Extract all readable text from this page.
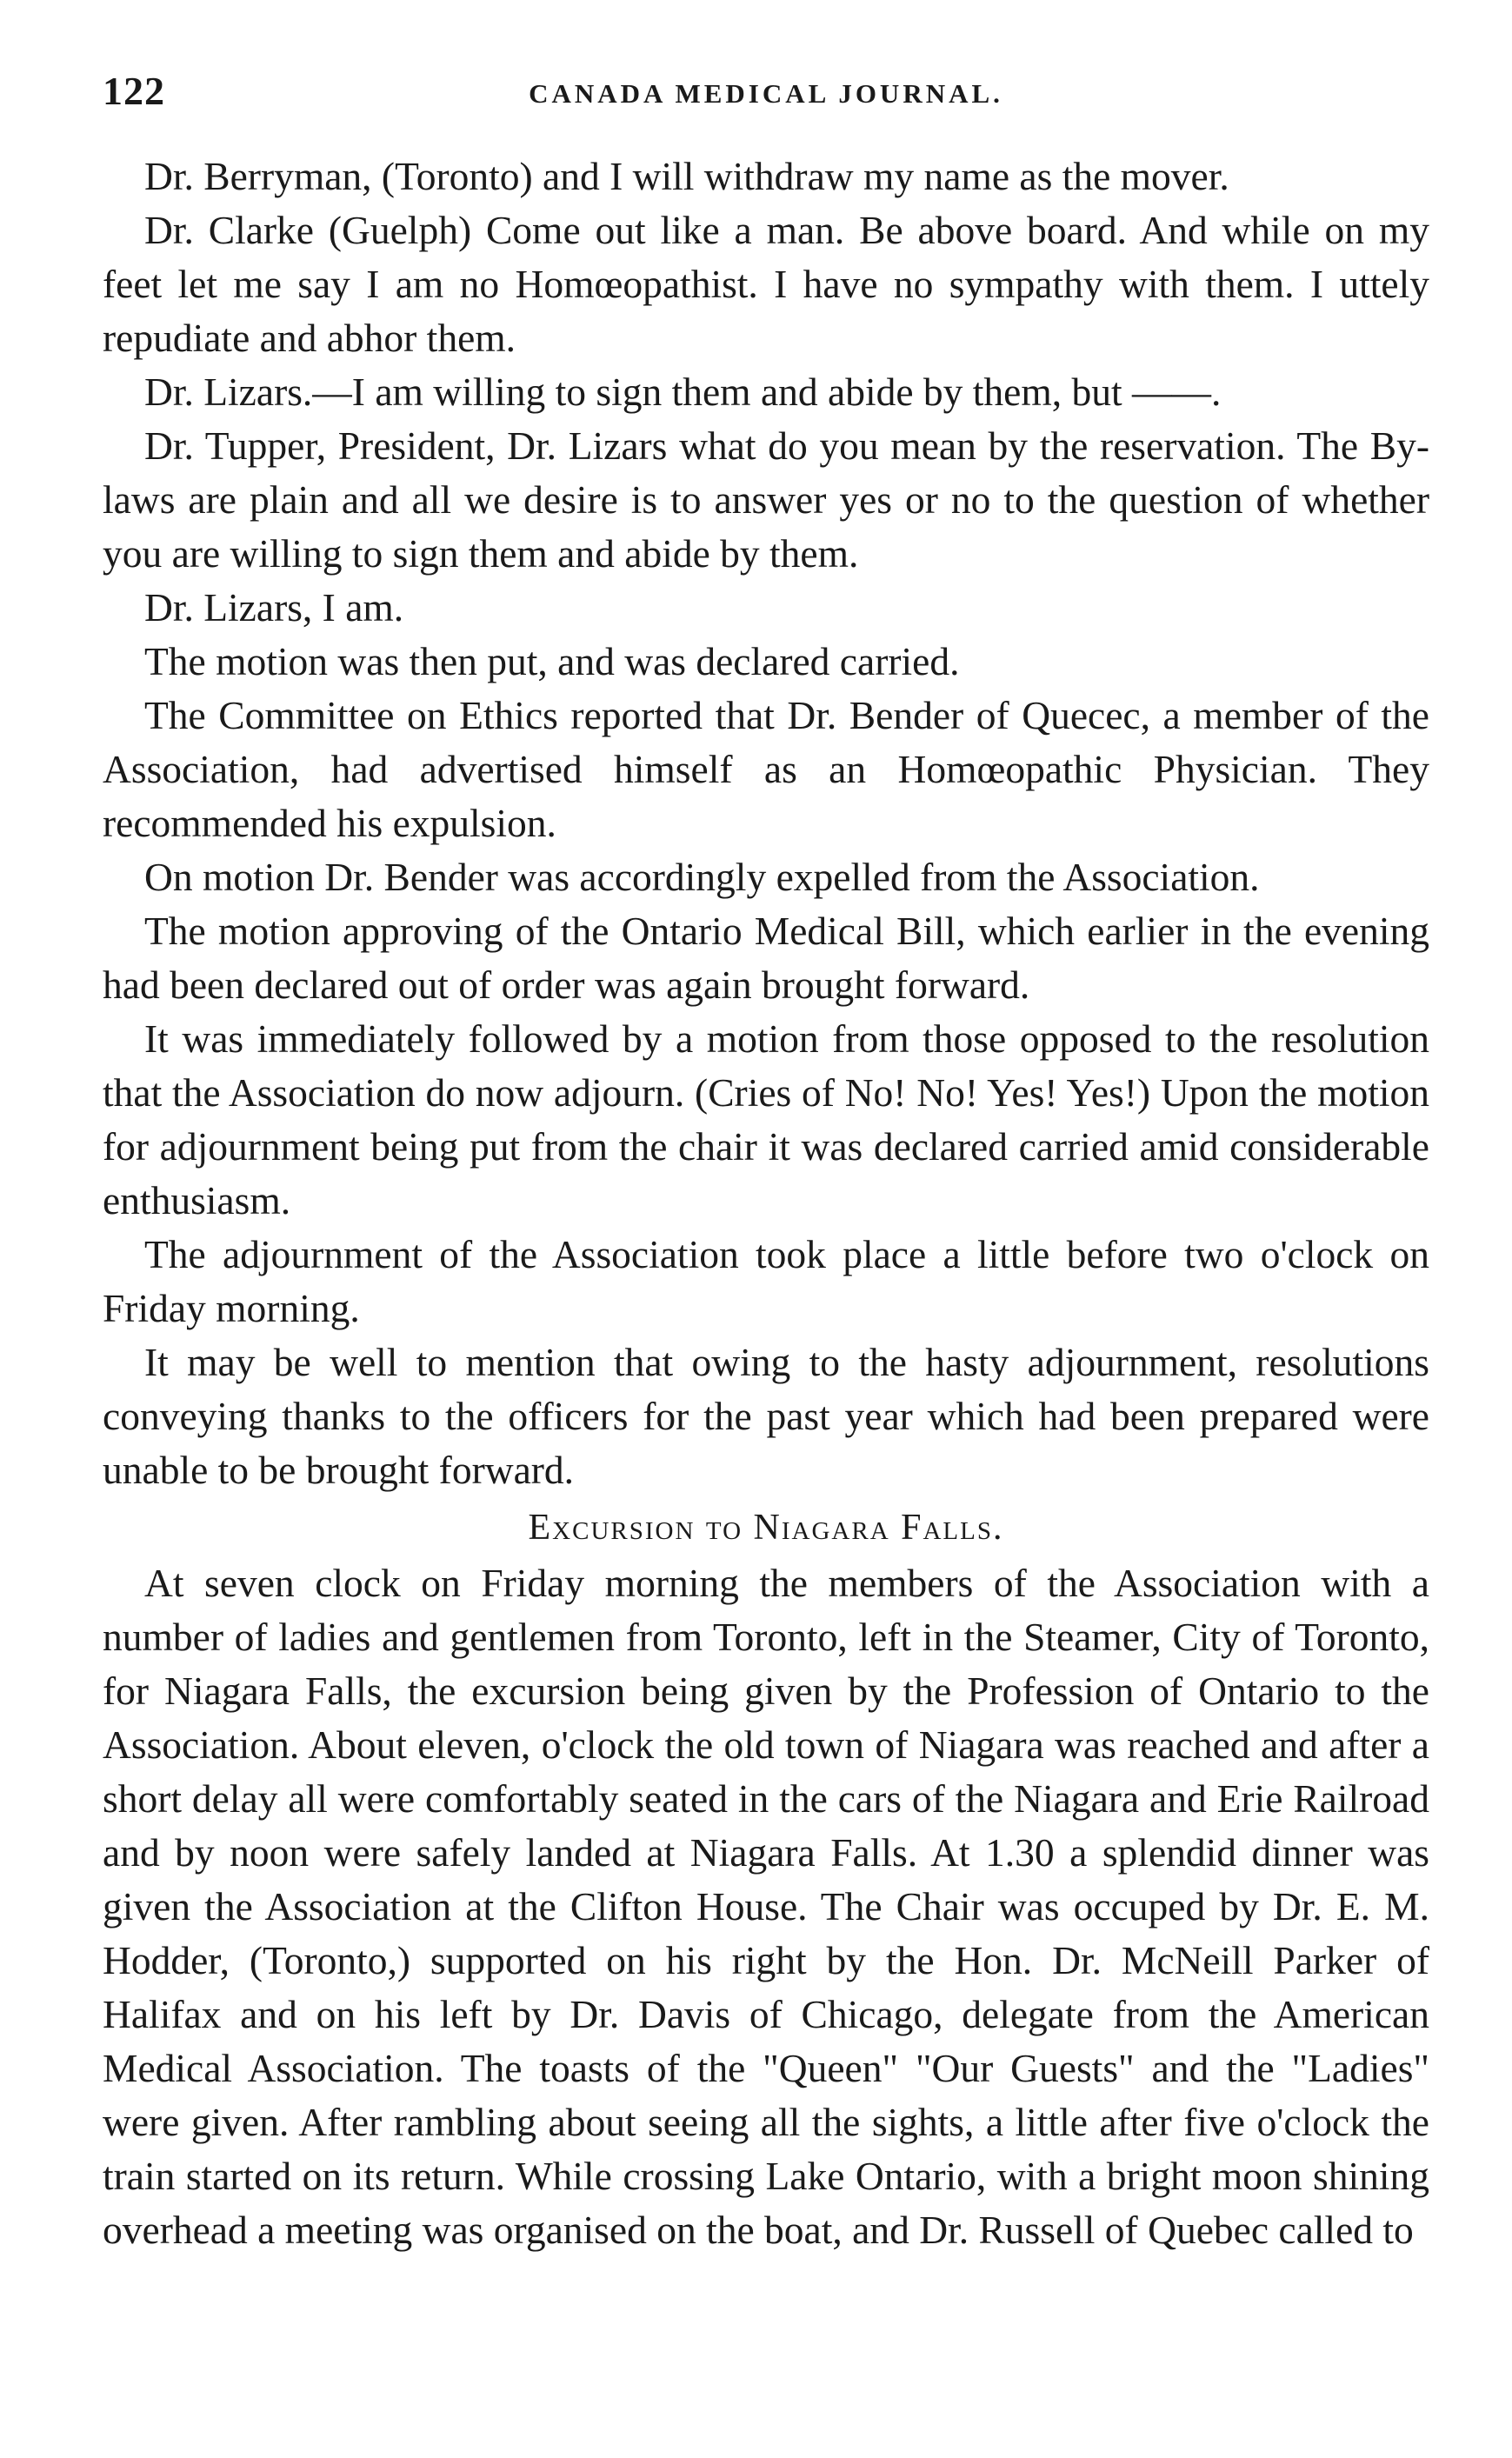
122	CANADA MEDICAL JOURNAL.

Dr. Berryman, (Toronto) and I will withdraw my name as the mover.

Dr. Clarke (Guelph) Come out like a man. Be above board. And while on my feet let me say I am no Homœopathist. I have no sympathy with them. I uttely repudiate and abhor them.

Dr. Lizars.—I am willing to sign them and abide by them, but ——.

Dr. Tupper, President, Dr. Lizars what do you mean by the reservation. The By-laws are plain and all we desire is to answer yes or no to the question of whether you are willing to sign them and abide by them.

Dr. Lizars, I am.

The motion was then put, and was declared carried.

The Committee on Ethics reported that Dr. Bender of Quecec, a member of the Association, had advertised himself as an Homœopathic Physician. They recommended his expulsion.

On motion Dr. Bender was accordingly expelled from the Association.

The motion approving of the Ontario Medical Bill, which earlier in the evening had been declared out of order was again brought forward.

It was immediately followed by a motion from those opposed to the resolution that the Association do now adjourn. (Cries of No! No! Yes! Yes!) Upon the motion for adjournment being put from the chair it was declared carried amid considerable enthusiasm.

The adjournment of the Association took place a little before two o'clock on Friday morning.

It may be well to mention that owing to the hasty adjournment, resolutions conveying thanks to the officers for the past year which had been prepared were unable to be brought forward.

Excursion to Niagara Falls.

At seven clock on Friday morning the members of the Association with a number of ladies and gentlemen from Toronto, left in the Steamer, City of Toronto, for Niagara Falls, the excursion being given by the Profession of Ontario to the Association. About eleven, o'clock the old town of Niagara was reached and after a short delay all were comfortably seated in the cars of the Niagara and Erie Railroad and by noon were safely landed at Niagara Falls. At 1.30 a splendid dinner was given the Association at the Clifton House. The Chair was occuped by Dr. E. M. Hodder, (Toronto,) supported on his right by the Hon. Dr. McNeill Parker of Halifax and on his left by Dr. Davis of Chicago, delegate from the American Medical Association. The toasts of the "Queen" "Our Guests" and the "Ladies" were given. After rambling about seeing all the sights, a little after five o'clock the train started on its return. While crossing Lake Ontario, with a bright moon shining overhead a meeting was organised on the boat, and Dr. Russell of Quebec called to
